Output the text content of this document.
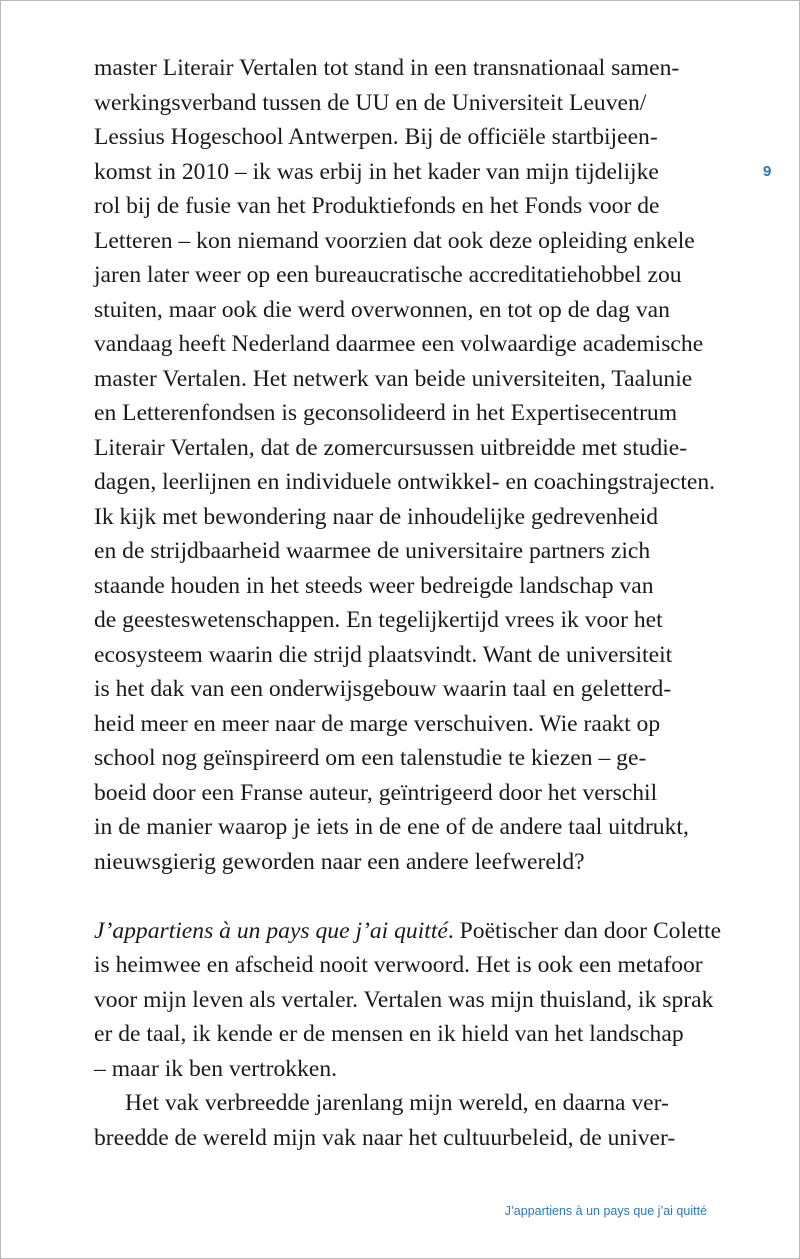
master Literair Vertalen tot stand in een transnationaal samen-
werkingsverband tussen de UU en de Universiteit Leuven/
Lessius Hogeschool Antwerpen. Bij de officiële startbijeen-
komst in 2010 – ik was erbij in het kader van mijn tijdelijke
rol bij de fusie van het Produktiefonds en het Fonds voor de
Letteren – kon niemand voorzien dat ook deze opleiding enkele
jaren later weer op een bureaucratische accreditatiehobbel zou
stuiten, maar ook die werd overwonnen, en tot op de dag van
vandaag heeft Nederland daarmee een volwaardige academische
master Vertalen. Het netwerk van beide universiteiten, Taalunie
en Letterenfondsen is geconsolideerd in het Expertisecentrum
Literair Vertalen, dat de zomercursussen uitbreidde met studie-
dagen, leerlijnen en individuele ontwikkel- en coachingstrajecten.
Ik kijk met bewondering naar de inhoudelijke gedrevenheid
en de strijdbaarheid waarmee de universitaire partners zich
staande houden in het steeds weer bedreigde landschap van
de geesteswetenschappen. En tegelijkertijd vrees ik voor het
ecosysteem waarin die strijd plaatsvindt. Want de universiteit
is het dak van een onderwijsgebouw waarin taal en geletterd-
heid meer en meer naar de marge verschuiven. Wie raakt op
school nog geïnspireerd om een talenstudie te kiezen – ge-
boeid door een Franse auteur, geïntrigeerd door het verschil
in de manier waarop je iets in de ene of de andere taal uitdrukt,
nieuwsgierig geworden naar een andere leefwereld?
J’appartiens à un pays que j’ai quitté. Poëtischer dan door Colette
is heimwee en afscheid nooit verwoord. Het is ook een metafoor
voor mijn leven als vertaler. Vertalen was mijn thuisland, ik sprak
er de taal, ik kende er de mensen en ik hield van het landschap
– maar ik ben vertrokken.
Het vak verbreedde jarenlang mijn wereld, en daarna ver-
breedde de wereld mijn vak naar het cultuurbeleid, de univer-
9
J’appartiens à un pays que j’ai quitté
